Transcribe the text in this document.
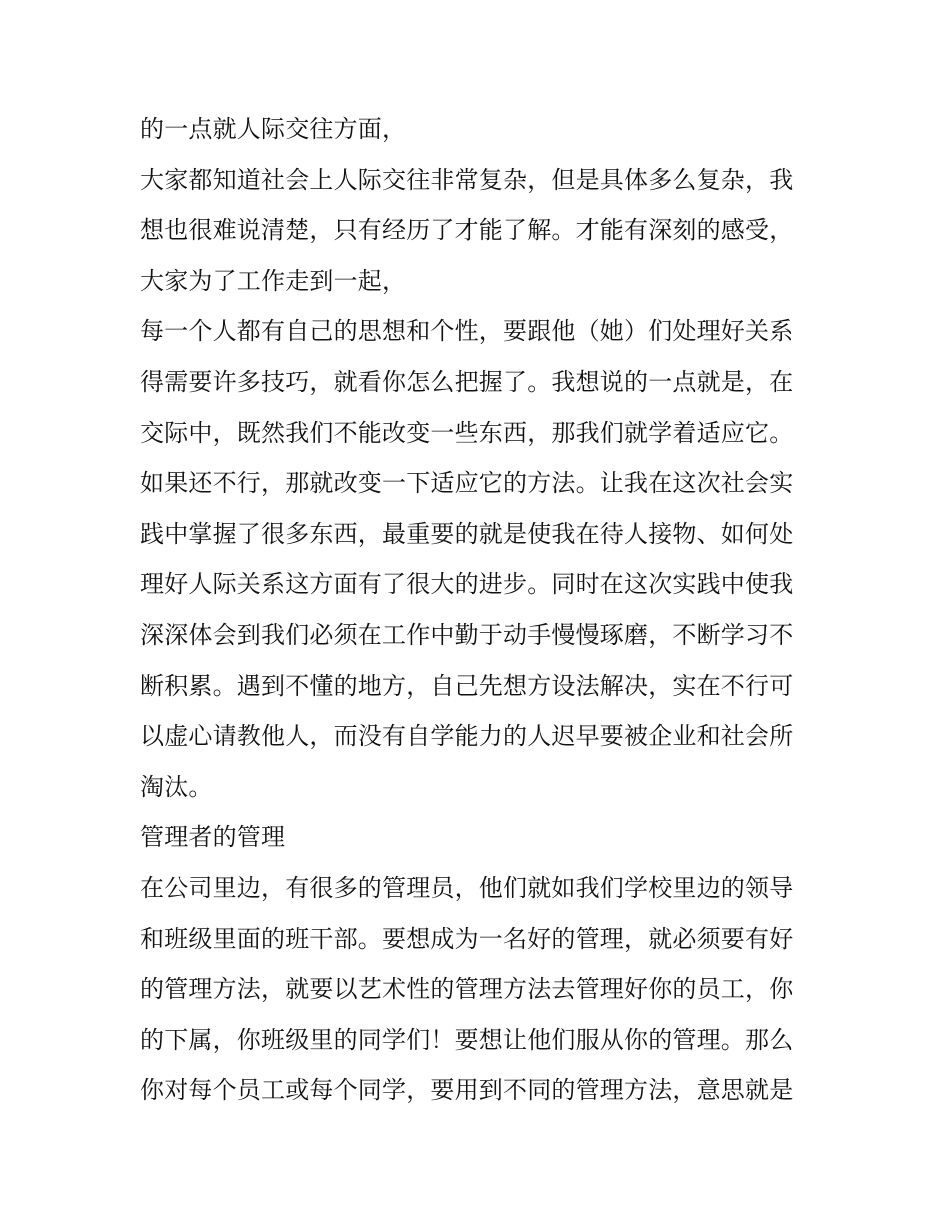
的一点就人际交往方面，
大家都知道社会上人际交往非常复杂，但是具体多么复杂，我
想也很难说清楚，只有经历了才能了解。才能有深刻的感受，
大家为了工作走到一起，
每一个人都有自己的思想和个性，要跟他（她）们处理好关系
得需要许多技巧，就看你怎么把握了。我想说的一点就是，在
交际中，既然我们不能改变一些东西，那我们就学着适应它。
如果还不行，那就改变一下适应它的方法。让我在这次社会实
践中掌握了很多东西，最重要的就是使我在待人接物、如何处
理好人际关系这方面有了很大的进步。同时在这次实践中使我
深深体会到我们必须在工作中勤于动手慢慢琢磨，不断学习不
断积累。遇到不懂的地方，自己先想方设法解决，实在不行可
以虚心请教他人，而没有自学能力的人迟早要被企业和社会所
淘汰。
管理者的管理
在公司里边，有很多的管理员，他们就如我们学校里边的领导
和班级里面的班干部。要想成为一名好的管理，就必须要有好
的管理方法，就要以艺术性的管理方法去管理好你的员工，你
的下属，你班级里的同学们！要想让他们服从你的管理。那么
你对每个员工或每个同学，要用到不同的管理方法，意思就是
